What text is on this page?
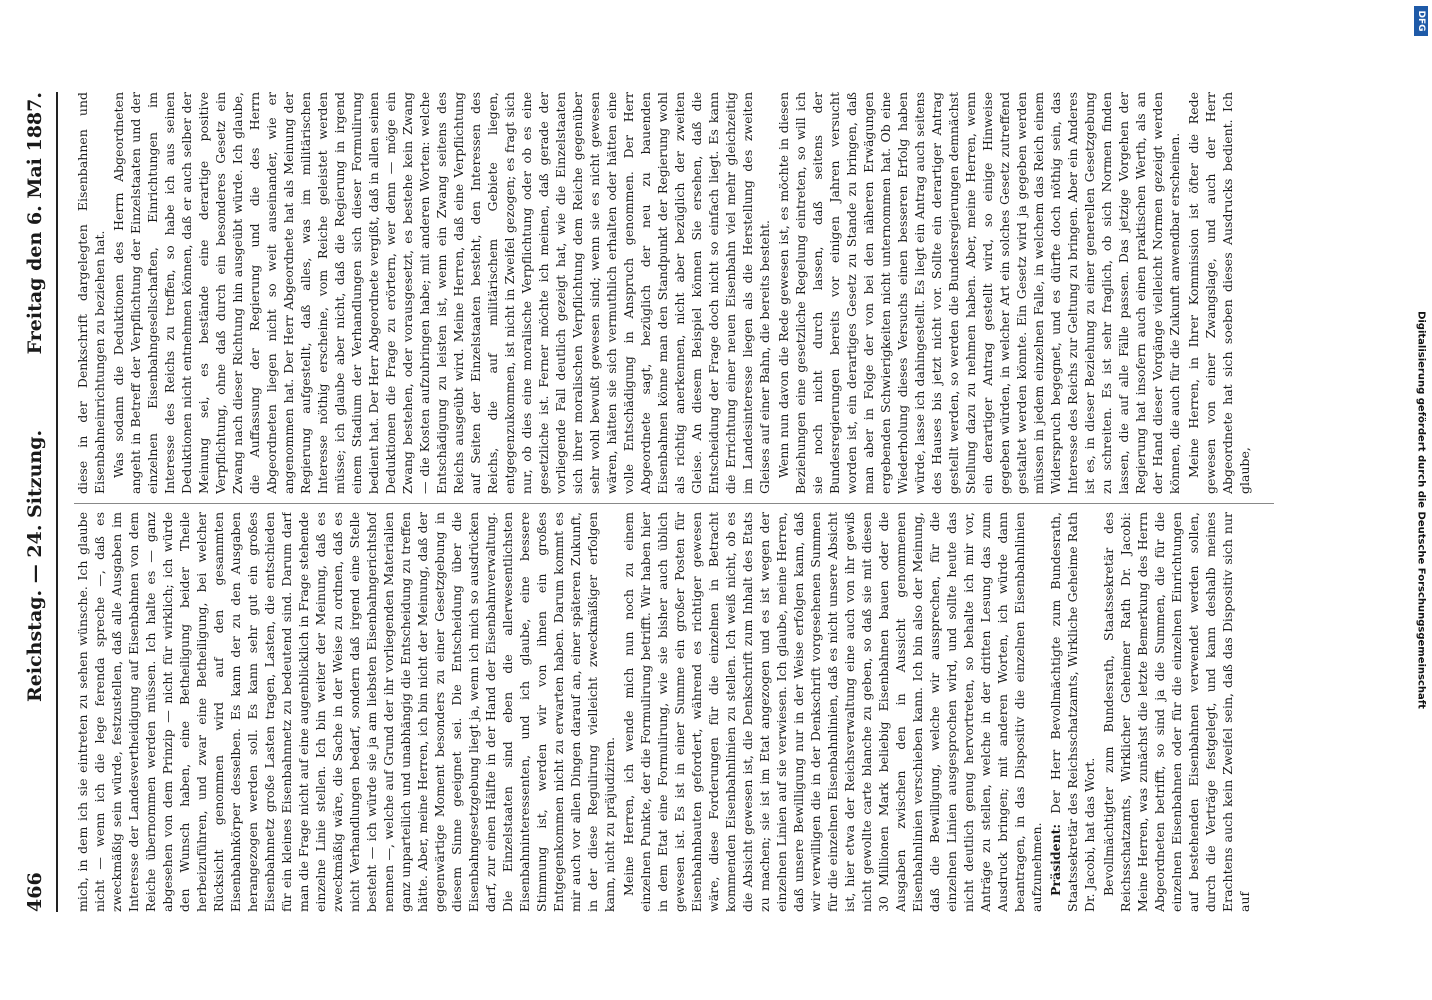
466
Reichstag. — 24. Sitzung.
Freitag den 6. Mai 1887.

mich, in dem ich sie eintreten zu sehen wünsche. Ich glaube nicht — wenn ich die lege ferenda spreche —, daß es zweckmäßig sein würde, festzustellen, daß alle Ausgaben im Interesse der Landesvertheidigung auf Eisenbahnen von dem Reiche übernommen werden müssen. Ich halte es — ganz abgesehen von dem Prinzip — nicht für wirklich; ich würde den Wunsch haben, eine Betheiligung beider Theile herbeizuführen, und zwar eine Betheiligung, bei welcher Rücksicht genommen wird auf den gesammten Eisenbahnkörper desselben. Es kann der zu den Ausgaben herangezogen werden soll. Es kann sehr gut ein großes Eisenbahnnetz große Lasten tragen, Lasten, die entschieden für ein kleines Eisenbahnnetz zu bedeutend sind. Darum darf man die Frage nicht auf eine augenblicklich in Frage stehende einzelne Linie stellen. Ich bin weiter der Meinung, daß es zweckmäßig wäre, die Sache in der Weise zu ordnen, daß es nicht Verhandlungen bedarf, sondern daß irgend eine Stelle besteht — ich würde sie ja am liebsten Eisenbahngerichtshof nennen —, welche auf Grund der ihr vorliegenden Materialien ganz unparteilich und unabhängig die Entscheidung zu treffen hätte. Aber, meine Herren, ich bin nicht der Meinung, daß der gegenwärtige Moment besonders zu einer Gesetzgebung in diesem Sinne geeignet sei. Die Entscheidung über die Eisenbahngesetzgebung liegt ja, wenn ich mich so ausdrücken darf, zur einen Hälfte in der Hand der Eisenbahnverwaltung. Die Einzelstaaten sind eben die allerwesentlichsten Eisenbahninteressenten, und ich glaube, eine bessere Stimmung ist, werden wir von ihnen ein großes Entgegenkommen nicht zu erwarten haben. Darum kommt es mir auch vor allen Dingen darauf an, einer späteren Zukunft, in der diese Regulirung vielleicht zweckmäßiger erfolgen kann, nicht zu präjudiziren. Meine Herren, ich wende mich nun noch zu einem einzelnen Punkte, der die Formulirung betrifft. Wir haben hier in dem Etat eine Formulirung, wie sie bisher auch üblich gewesen ist. Es ist in einer Summe ein großer Posten für Eisenbahnbauten gefordert, während es richtiger gewesen wäre, diese Forderungen für die einzelnen in Betracht kommenden Eisenbahnlinien zu stellen. Ich weiß nicht, ob es die Absicht gewesen ist, die Denkschrift zum Inhalt des Etats zu machen; sie ist im Etat angezogen und es ist wegen der einzelnen Linien auf sie verwiesen. Ich glaube, meine Herren, daß unsere Bewilligung nur in der Weise erfolgen kann, daß wir verwilligen die in der Denkschrift vorgesehenen Summen für die einzelnen Eisenbahnlinien, daß es nicht unsere Absicht ist, hier etwa der Reichsverwaltung eine auch von ihr gewiß nicht gewollte carte blanche zu geben, so daß sie mit diesen 30 Millionen Mark beliebig Eisenbahnen bauen oder die Ausgaben zwischen den in Aussicht genommenen Eisenbahnlinien verschieben kann. Ich bin also der Meinung, daß die Bewilligung, welche wir aussprechen, für die einzelnen Linien ausgesprochen wird, und sollte heute das nicht deutlich genug hervortreten, so behalte ich mir vor, Anträge zu stellen, welche in der dritten Lesung das zum Ausdruck bringen; mit anderen Worten, ich würde dann beantragen, in das Dispositiv die einzelnen Eisenbahnlinien aufzunehmen. Präsident: Der Herr Bevollmächtigte zum Bundesrath, Staatssekretär des Reichsschatzamts, Wirkliche Geheime Rath Dr. Jacobi, hat das Wort. Bevollmächtigter zum Bundesrath, Staatssekretär des Reichsschatzamts, Wirklicher Geheimer Rath Dr. Jacobi: Meine Herren, was zunächst die letzte Bemerkung des Herrn Abgeordneten betrifft, so sind ja die Summen, die für die einzelnen Eisenbahnen oder für die einzelnen Einrichtungen auf bestehenden Eisenbahnen verwendet werden sollen, durch die Verträge festgelegt, und kann deshalb meines Erachtens auch kein Zweifel sein, daß das Dispositiv sich nur auf

diese in der Denkschrift dargelegten Eisenbahnen und Eisenbahneinrichtungen zu beziehen hat. Was sodann die Deduktionen des Herrn Abgeordneten angeht in Betreff der Verpflichtung der Einzelstaaten und der einzelnen Eisenbahngesellschaften, Einrichtungen im Interesse des Reichs zu treffen, so habe ich aus seinen Deduktionen nicht entnehmen können, daß er auch selber der Meinung sei, es bestände eine derartige positive Verpflichtung, ohne daß durch ein besonderes Gesetz ein Zwang nach dieser Richtung hin ausgeübt würde. Ich glaube, die Auffassung der Regierung und die des Herrn Abgeordneten liegen nicht so weit auseinander, wie er angenommen hat. Der Herr Abgeordnete hat als Meinung der Regierung aufgestellt, daß alles, was im militärischen Interesse nöthig erscheine, vom Reiche geleistet werden müsse; ich glaube aber nicht, daß die Regierung in irgend einem Stadium der Verhandlungen sich dieser Formulirung bedient hat. Der Herr Abgeordnete vergißt, daß in allen seinen Deduktionen die Frage zu erörtern, wer denn — möge ein Zwang bestehen, oder vorausgesetzt, es bestehe kein Zwang — die Kosten aufzubringen habe; mit anderen Worten: welche Entschädigung zu leisten ist, wenn ein Zwang seitens des Reichs ausgeübt wird. Meine Herren, daß eine Verpflichtung auf Seiten der Einzelstaaten besteht, den Interessen des Reichs, die auf militärischem Gebiete liegen, entgegenzukommen, ist nicht in Zweifel gezogen; es fragt sich nur, ob dies eine moralische Verpflichtung oder ob es eine gesetzliche ist. Ferner möchte ich meinen, daß gerade der vorliegende Fall deutlich gezeigt hat, wie die Einzelstaaten sich ihrer moralischen Verpflichtung dem Reiche gegenüber sehr wohl bewußt gewesen sind; wenn sie es nicht gewesen wären, hätten sie sich vermuthlich erhalten oder hätten eine volle Entschädigung in Anspruch genommen. Der Herr Abgeordnete sagt, bezüglich der neu zu bauenden Eisenbahnen könne man den Standpunkt der Regierung wohl als richtig anerkennen, nicht aber bezüglich der zweiten Gleise. An diesem Beispiel können Sie ersehen, daß die Entscheidung der Frage doch nicht so einfach liegt. Es kann die Errichtung einer neuen Eisenbahn viel mehr gleichzeitig im Landesinteresse liegen als die Herstellung des zweiten Gleises auf einer Bahn, die bereits besteht. Wenn nun davon die Rede gewesen ist, es möchte in diesen Beziehungen eine gesetzliche Regelung eintreten, so will ich sie noch nicht durch lassen, daß seitens der Bundesregierungen bereits vor einigen Jahren versucht worden ist, ein derartiges Gesetz zu Stande zu bringen, daß man aber in Folge der von bei den näheren Erwägungen ergebenden Schwierigkeiten nicht unternommen hat. Ob eine Wiederholung dieses Versuchs einen besseren Erfolg haben würde, lasse ich dahingestellt. Es liegt ein Antrag auch seitens des Hauses bis jetzt nicht vor. Sollte ein derartiger Antrag gestellt werden, so werden die Bundesregierungen demnächst Stellung dazu zu nehmen haben. Aber, meine Herren, wenn ein derartiger Antrag gestellt wird, so einige Hinweise gegeben würden, in welcher Art ein solches Gesetz zutreffend gestaltet werden könnte. Ein Gesetz wird ja gegeben werden müssen in jedem einzelnen Falle, in welchem das Reich einem Widerspruch begegnet, und es dürfte doch nöthig sein, das Interesse des Reichs zur Geltung zu bringen. Aber ein Anderes ist es, in dieser Beziehung zu einer generellen Gesetzgebung zu schreiten. Es ist sehr fraglich, ob sich Normen finden lassen, die auf alle Fälle passen. Das jetzige Vorgehen der Regierung hat insofern auch einen praktischen Werth, als an der Hand dieser Vorgänge vielleicht Normen gezeigt werden können, die auch für die Zukunft anwendbar erscheinen. Meine Herren, in Ihrer Kommission ist öfter die Rede gewesen von einer Zwangslage, und auch der Herr Abgeordnete hat sich soeben dieses Ausdrucks bedient. Ich glaube,

DFG
Digitalisierung gefördert durch die Deutsche Forschungsgemeinschaft
